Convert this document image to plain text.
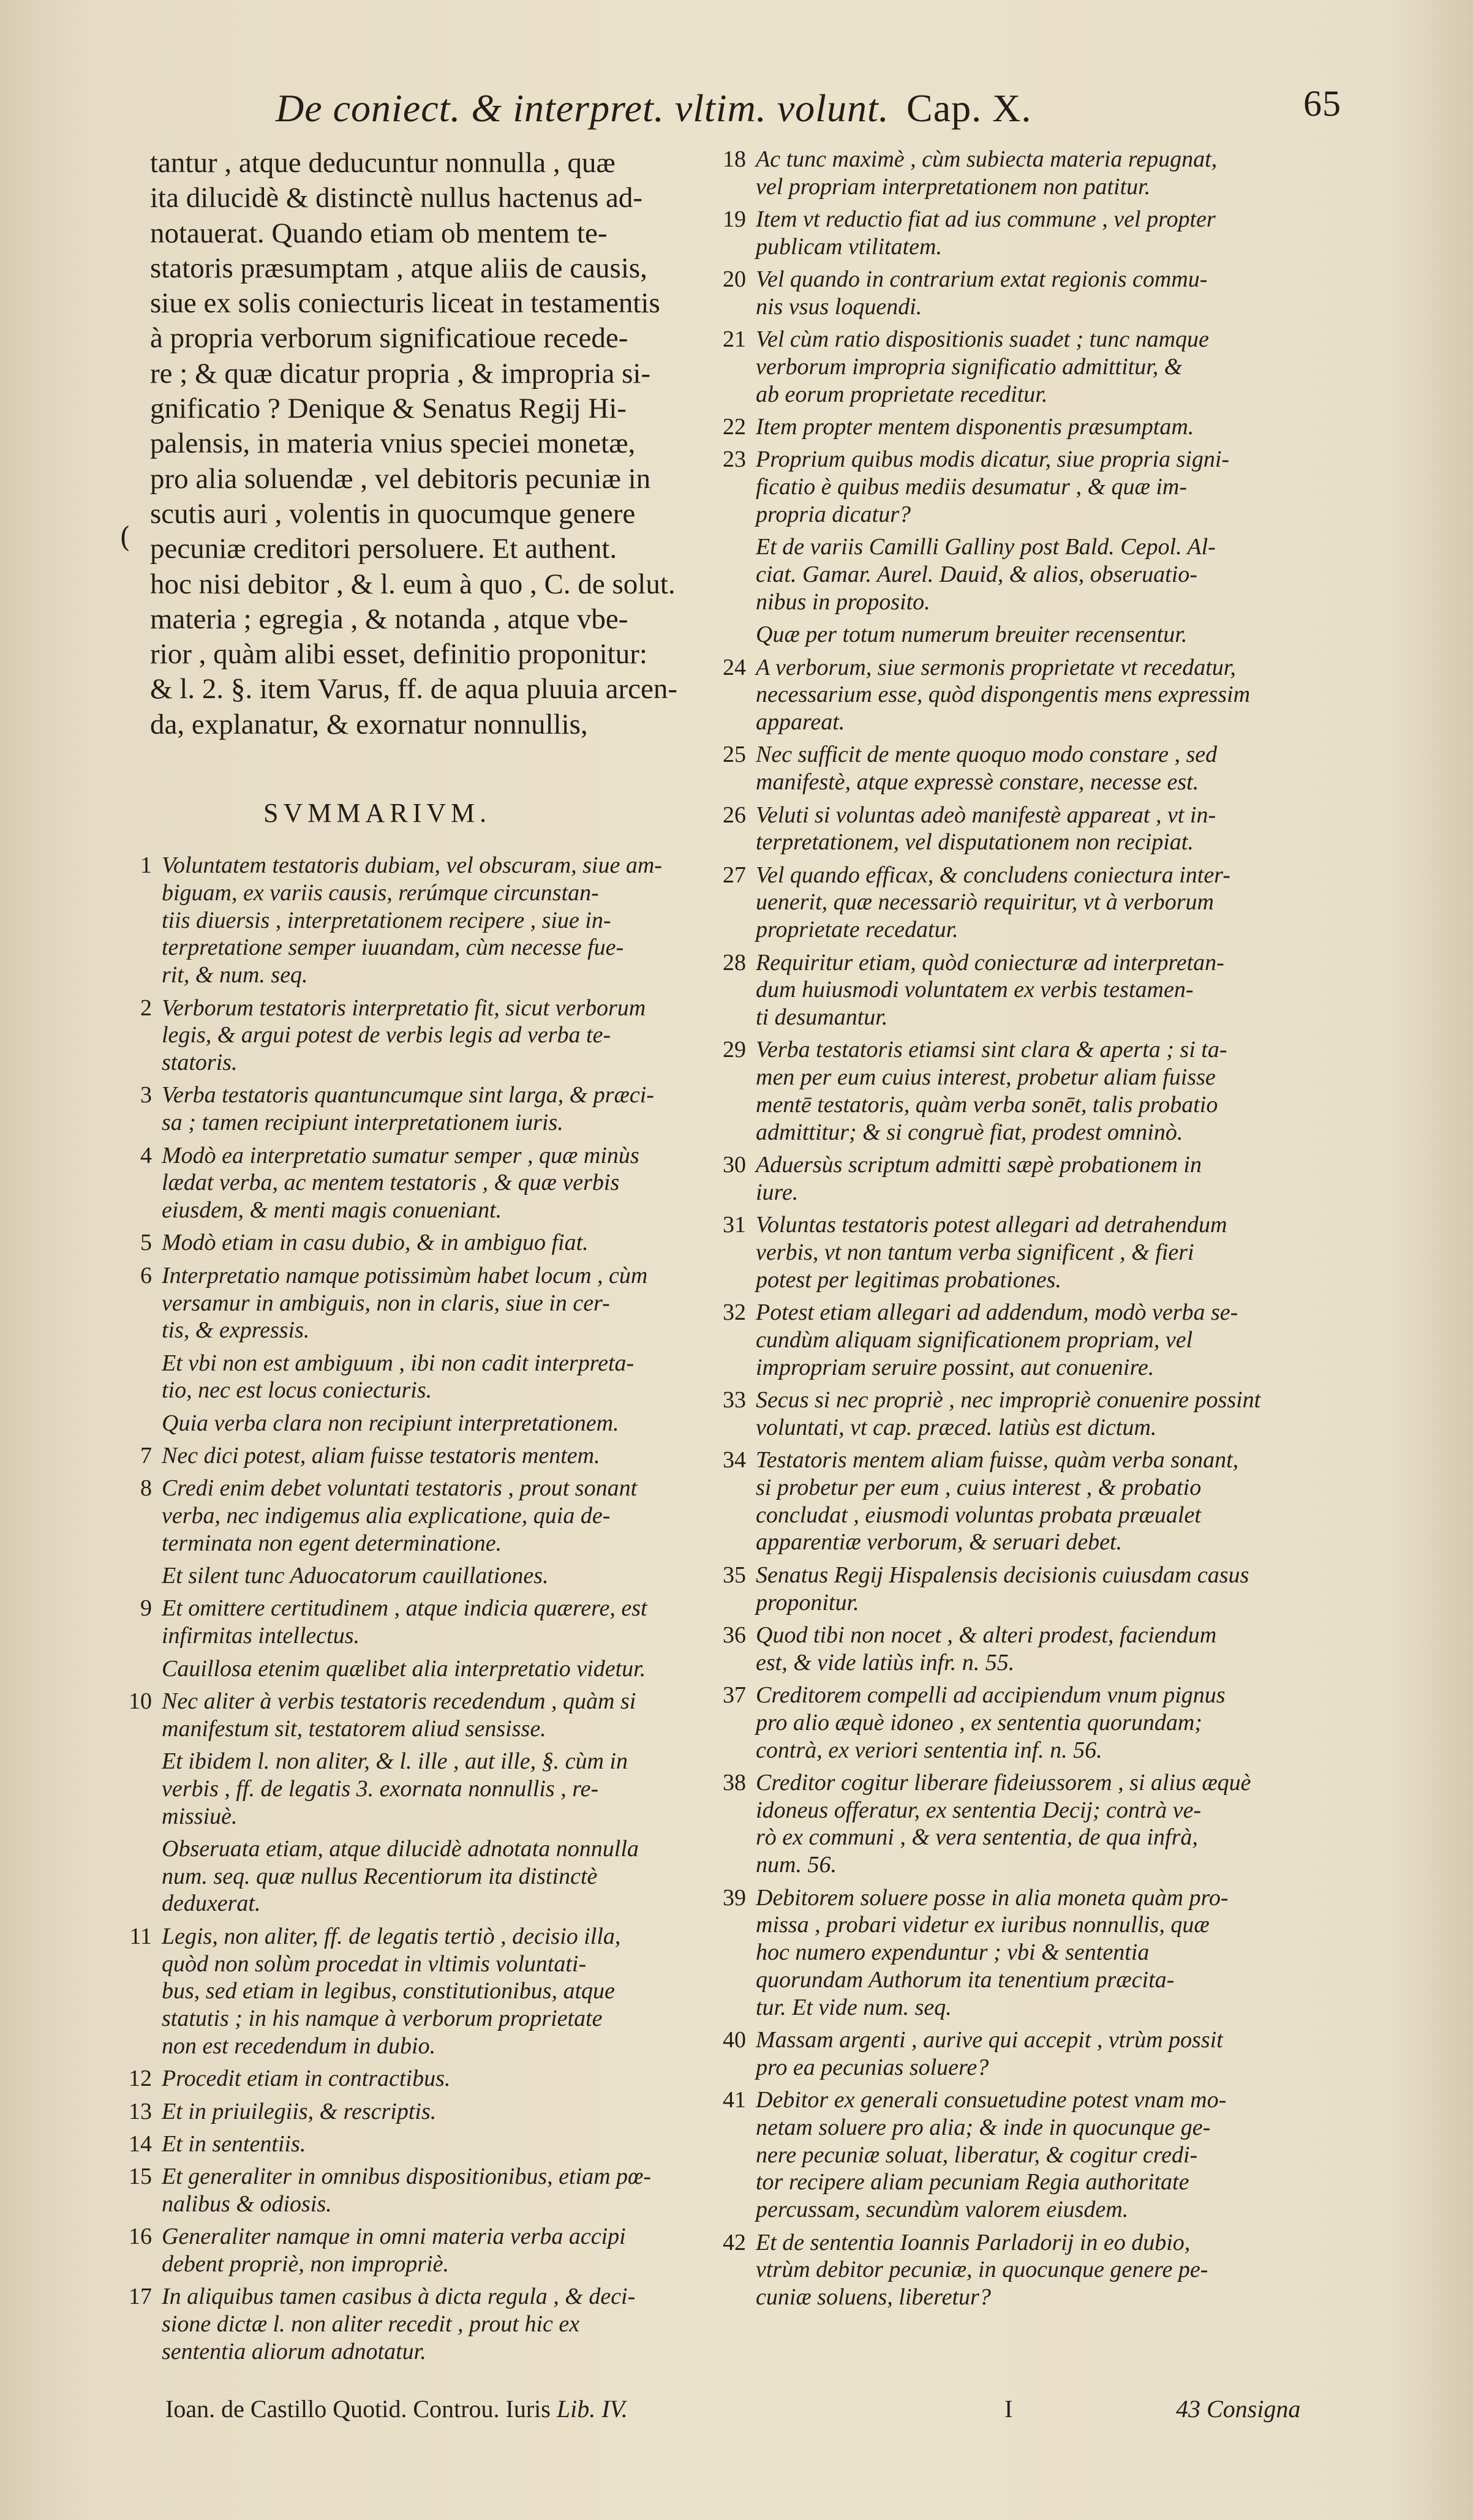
De coniect. & interpret. vltim. volunt. Cap. X.	65
(
tantur , atque deducuntur nonnulla , quæ
ita dilucidè & distinctè nullus hactenus ad-
notauerat. Quando etiam ob mentem te-
statoris præsumptam , atque aliis de causis,
siue ex solis coniecturis liceat in testamentis
à propria verborum significatioue recede-
re ; & quæ dicatur propria , & impropria si-
gnificatio ? Denique & Senatus Regij Hi-
palensis, in materia vnius speciei monetæ,
pro alia soluendæ , vel debitoris pecuniæ in
scutis auri , volentis in quocumque genere
pecuniæ creditori persoluere. Et authent.
hoc nisi debitor , & l. eum à quo , C. de solut.
materia ; egregia , & notanda , atque vbe-
rior , quàm alibi esset, definitio proponitur:
& l. 2. §. item Varus, ff. de aqua pluuia arcen-
da, explanatur, & exornatur nonnullis,
SVMMARIVM.
1 Voluntatem testatoris dubiam, vel obscuram, siue am-
biguam, ex variis causis, rerúmque circunstan-
tiis diuersis , interpretationem recipere , siue in-
terpretatione semper iuuandam, cùm necesse fue-
rit, & num. seq.
2 Verborum testatoris interpretatio fit, sicut verborum
legis, & argui potest de verbis legis ad verba te-
statoris.
3 Verba testatoris quantuncumque sint larga, & præci-
sa ; tamen recipiunt interpretationem iuris.
4 Modò ea interpretatio sumatur semper , quæ minùs
lædat verba, ac mentem testatoris , & quæ verbis
eiusdem, & menti magis conueniant.
5 Modò etiam in casu dubio, & in ambiguo fiat.
6 Interpretatio namque potissimùm habet locum , cùm
versamur in ambiguis, non in claris, siue in cer-
tis, & expressis.
Et vbi non est ambiguum , ibi non cadit interpreta-
tio, nec est locus coniecturis.
Quia verba clara non recipiunt interpretationem.
7 Nec dici potest, aliam fuisse testatoris mentem.
8 Credi enim debet voluntati testatoris , prout sonant
verba, nec indigemus alia explicatione, quia de-
terminata non egent determinatione.
Et silent tunc Aduocatorum cauillationes.
9 Et omittere certitudinem , atque indicia quærere, est
infirmitas intellectus.
Cauillosa etenim quælibet alia interpretatio videtur.
10 Nec aliter à verbis testatoris recedendum , quàm si
manifestum sit, testatorem aliud sensisse.
Et ibidem l. non aliter, & l. ille , aut ille, §. cùm in
verbis , ff. de legatis 3. exornata nonnullis , re-
missiuè.
Obseruata etiam, atque dilucidè adnotata nonnulla
num. seq. quæ nullus Recentiorum ita distinctè
deduxerat.
11 Legis, non aliter, ff. de legatis tertiò , decisio illa,
quòd non solùm procedat in vltimis voluntati-
bus, sed etiam in legibus, constitutionibus, atque
statutis ; in his namque à verborum proprietate
non est recedendum in dubio.
12 Procedit etiam in contractibus.
13 Et in priuilegiis, & rescriptis.
14 Et in sententiis.
15 Et generaliter in omnibus dispositionibus, etiam pœ-
nalibus & odiosis.
16 Generaliter namque in omni materia verba accipi
debent propriè, non impropriè.
17 In aliquibus tamen casibus à dicta regula , & deci-
sione dictæ l. non aliter recedit , prout hic ex
sententia aliorum adnotatur.
18 Ac tunc maximè , cùm subiecta materia repugnat,
vel propriam interpretationem non patitur.
19 Item vt reductio fiat ad ius commune , vel propter
publicam vtilitatem.
20 Vel quando in contrarium extat regionis commu-
nis vsus loquendi.
21 Vel cùm ratio dispositionis suadet ; tunc namque
verborum impropria significatio admittitur, &
ab eorum proprietate receditur.
22 Item propter mentem disponentis præsumptam.
23 Proprium quibus modis dicatur, siue propria signi-
ficatio è quibus mediis desumatur , & quæ im-
propria dicatur?
Et de variis Camilli Galliny post Bald. Cepol. Al-
ciat. Gamar. Aurel. Dauid, & alios, obseruatio-
nibus in proposito.
Quæ per totum numerum breuiter recensentur.
24 A verborum, siue sermonis proprietate vt recedatur,
necessarium esse, quòd dispongentis mens expressim
appareat.
25 Nec sufficit de mente quoquo modo constare , sed
manifestè, atque expressè constare, necesse est.
26 Veluti si voluntas adeò manifestè appareat , vt in-
terpretationem, vel disputationem non recipiat.
27 Vel quando efficax, & concludens coniectura inter-
uenerit, quæ necessariò requiritur, vt à verborum
proprietate recedatur.
28 Requiritur etiam, quòd coniecturæ ad interpretan-
dum huiusmodi voluntatem ex verbis testamen-
ti desumantur.
29 Verba testatoris etiamsi sint clara & aperta ; si ta-
men per eum cuius interest, probetur aliam fuisse
mentē testatoris, quàm verba sonēt, talis probatio
admittitur; & si congruè fiat, prodest omninò.
30 Aduersùs scriptum admitti sæpè probationem in
iure.
31 Voluntas testatoris potest allegari ad detrahendum
verbis, vt non tantum verba significent , & fieri
potest per legitimas probationes.
32 Potest etiam allegari ad addendum, modò verba se-
cundùm aliquam significationem propriam, vel
impropriam seruire possint, aut conuenire.
33 Secus si nec propriè , nec impropriè conuenire possint
voluntati, vt cap. præced. latiùs est dictum.
34 Testatoris mentem aliam fuisse, quàm verba sonant,
si probetur per eum , cuius interest , & probatio
concludat , eiusmodi voluntas probata præualet
apparentiæ verborum, & seruari debet.
35 Senatus Regij Hispalensis decisionis cuiusdam casus
proponitur.
36 Quod tibi non nocet , & alteri prodest, faciendum
est, & vide latiùs infr. n. 55.
37 Creditorem compelli ad accipiendum vnum pignus
pro alio æquè idoneo , ex sententia quorundam;
contrà, ex veriori sententia inf. n. 56.
38 Creditor cogitur liberare fideiussorem , si alius æquè
idoneus offeratur, ex sententia Decij; contrà ve-
rò ex communi , & vera sententia, de qua infrà,
num. 56.
39 Debitorem soluere posse in alia moneta quàm pro-
missa , probari videtur ex iuribus nonnullis, quæ
hoc numero expenduntur ; vbi & sententia
quorundam Authorum ita tenentium præcita-
tur. Et vide num. seq.
40 Massam argenti , aurive qui accepit , vtrùm possit
pro ea pecunias soluere?
41 Debitor ex generali consuetudine potest vnam mo-
netam soluere pro alia; & inde in quocunque ge-
nere pecuniæ soluat, liberatur, & cogitur credi-
tor recipere aliam pecuniam Regia authoritate
percussam, secundùm valorem eiusdem.
42 Et de sententia Ioannis Parladorij in eo dubio,
vtrùm debitor pecuniæ, in quocunque genere pe-
cuniæ soluens, liberetur?
Ioan. de Castillo Quotid. Controu. Iuris Lib. IV.	I	43 Consigna
